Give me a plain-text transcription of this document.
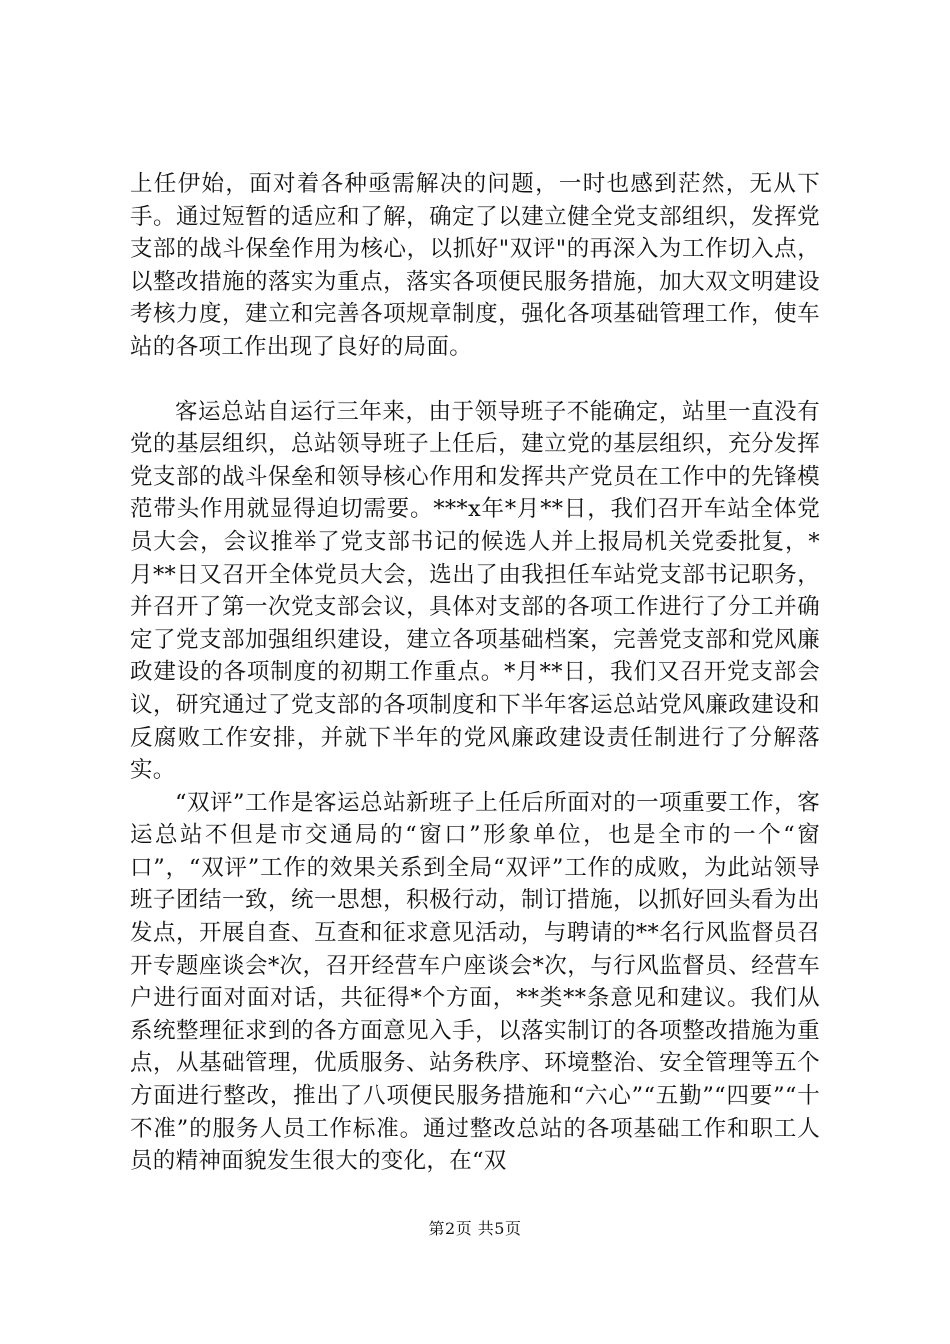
上任伊始，面对着各种亟需解决的问题，一时也感到茫然，无从下手。通过短暂的适应和了解，确定了以建立健全党支部组织，发挥党支部的战斗保垒作用为核心，以抓好"双评"的再深入为工作切入点，以整改措施的落实为重点，落实各项便民服务措施，加大双文明建设考核力度，建立和完善各项规章制度，强化各项基础管理工作，使车站的各项工作出现了良好的局面。

客运总站自运行三年来，由于领导班子不能确定，站里一直没有党的基层组织，总站领导班子上任后，建立党的基层组织，充分发挥党支部的战斗保垒和领导核心作用和发挥共产党员在工作中的先锋模范带头作用就显得迫切需要。***x年*月**日，我们召开车站全体党员大会，会议推举了党支部书记的候选人并上报局机关党委批复，*月**日又召开全体党员大会，选出了由我担任车站党支部书记职务，并召开了第一次党支部会议，具体对支部的各项工作进行了分工并确定了党支部加强组织建设，建立各项基础档案，完善党支部和党风廉政建设的各项制度的初期工作重点。*月**日，我们又召开党支部会议，研究通过了党支部的各项制度和下半年客运总站党风廉政建设和反腐败工作安排，并就下半年的党风廉政建设责任制进行了分解落实。

“双评”工作是客运总站新班子上任后所面对的一项重要工作，客运总站不但是市交通局的“窗口”形象单位，也是全市的一个“窗口”，“双评”工作的效果关系到全局“双评”工作的成败，为此站领导班子团结一致，统一思想，积极行动，制订措施，以抓好回头看为出发点，开展自查、互查和征求意见活动，与聘请的**名行风监督员召开专题座谈会*次，召开经营车户座谈会*次，与行风监督员、经营车户进行面对面对话，共征得*个方面，**类**条意见和建议。我们从系统整理征求到的各方面意见入手，以落实制订的各项整改措施为重点，从基础管理，优质服务、站务秩序、环境整治、安全管理等五个方面进行整改，推出了八项便民服务措施和“六心”“五勤”“四要”“十不准”的服务人员工作标准。通过整改总站的各项基础工作和职工人员的精神面貌发生很大的变化，在“双

第2页 共5页
